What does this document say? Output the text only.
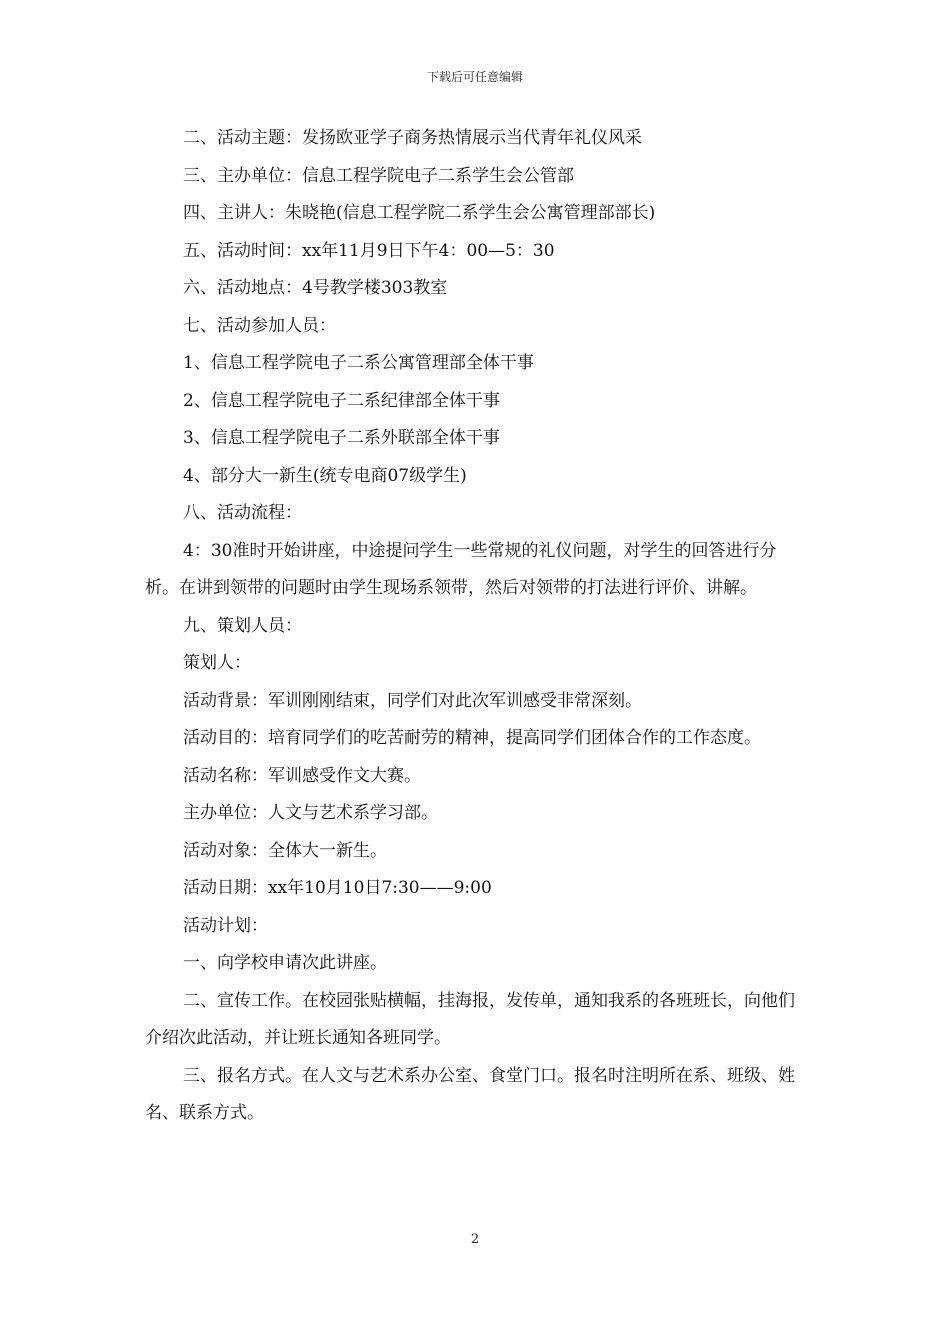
下载后可任意编辑

二、活动主题：发扬欧亚学子商务热情展示当代青年礼仪风采

三、主办单位：信息工程学院电子二系学生会公管部

四、主讲人：朱晓艳(信息工程学院二系学生会公寓管理部部长)

五、活动时间：xx年11月9日下午4：00—5：30

六、活动地点：4号教学楼303教室

七、活动参加人员：

1、信息工程学院电子二系公寓管理部全体干事

2、信息工程学院电子二系纪律部全体干事

3、信息工程学院电子二系外联部全体干事

4、部分大一新生(统专电商07级学生)

八、活动流程：

4：30准时开始讲座，中途提问学生一些常规的礼仪问题，对学生的回答进行分析。在讲到领带的问题时由学生现场系领带，然后对领带的打法进行评价、讲解。

九、策划人员：

策划人：

活动背景：军训刚刚结束，同学们对此次军训感受非常深刻。

活动目的：培育同学们的吃苦耐劳的精神，提高同学们团体合作的工作态度。

活动名称：军训感受作文大赛。

主办单位：人文与艺术系学习部。

活动对象：全体大一新生。

活动日期：xx年10月10日7:30——9:00

活动计划：

一、向学校申请次此讲座。

二、宣传工作。在校园张贴横幅，挂海报，发传单，通知我系的各班班长，向他们介绍次此活动，并让班长通知各班同学。

三、报名方式。在人文与艺术系办公室、食堂门口。报名时注明所在系、班级、姓名、联系方式。

2
